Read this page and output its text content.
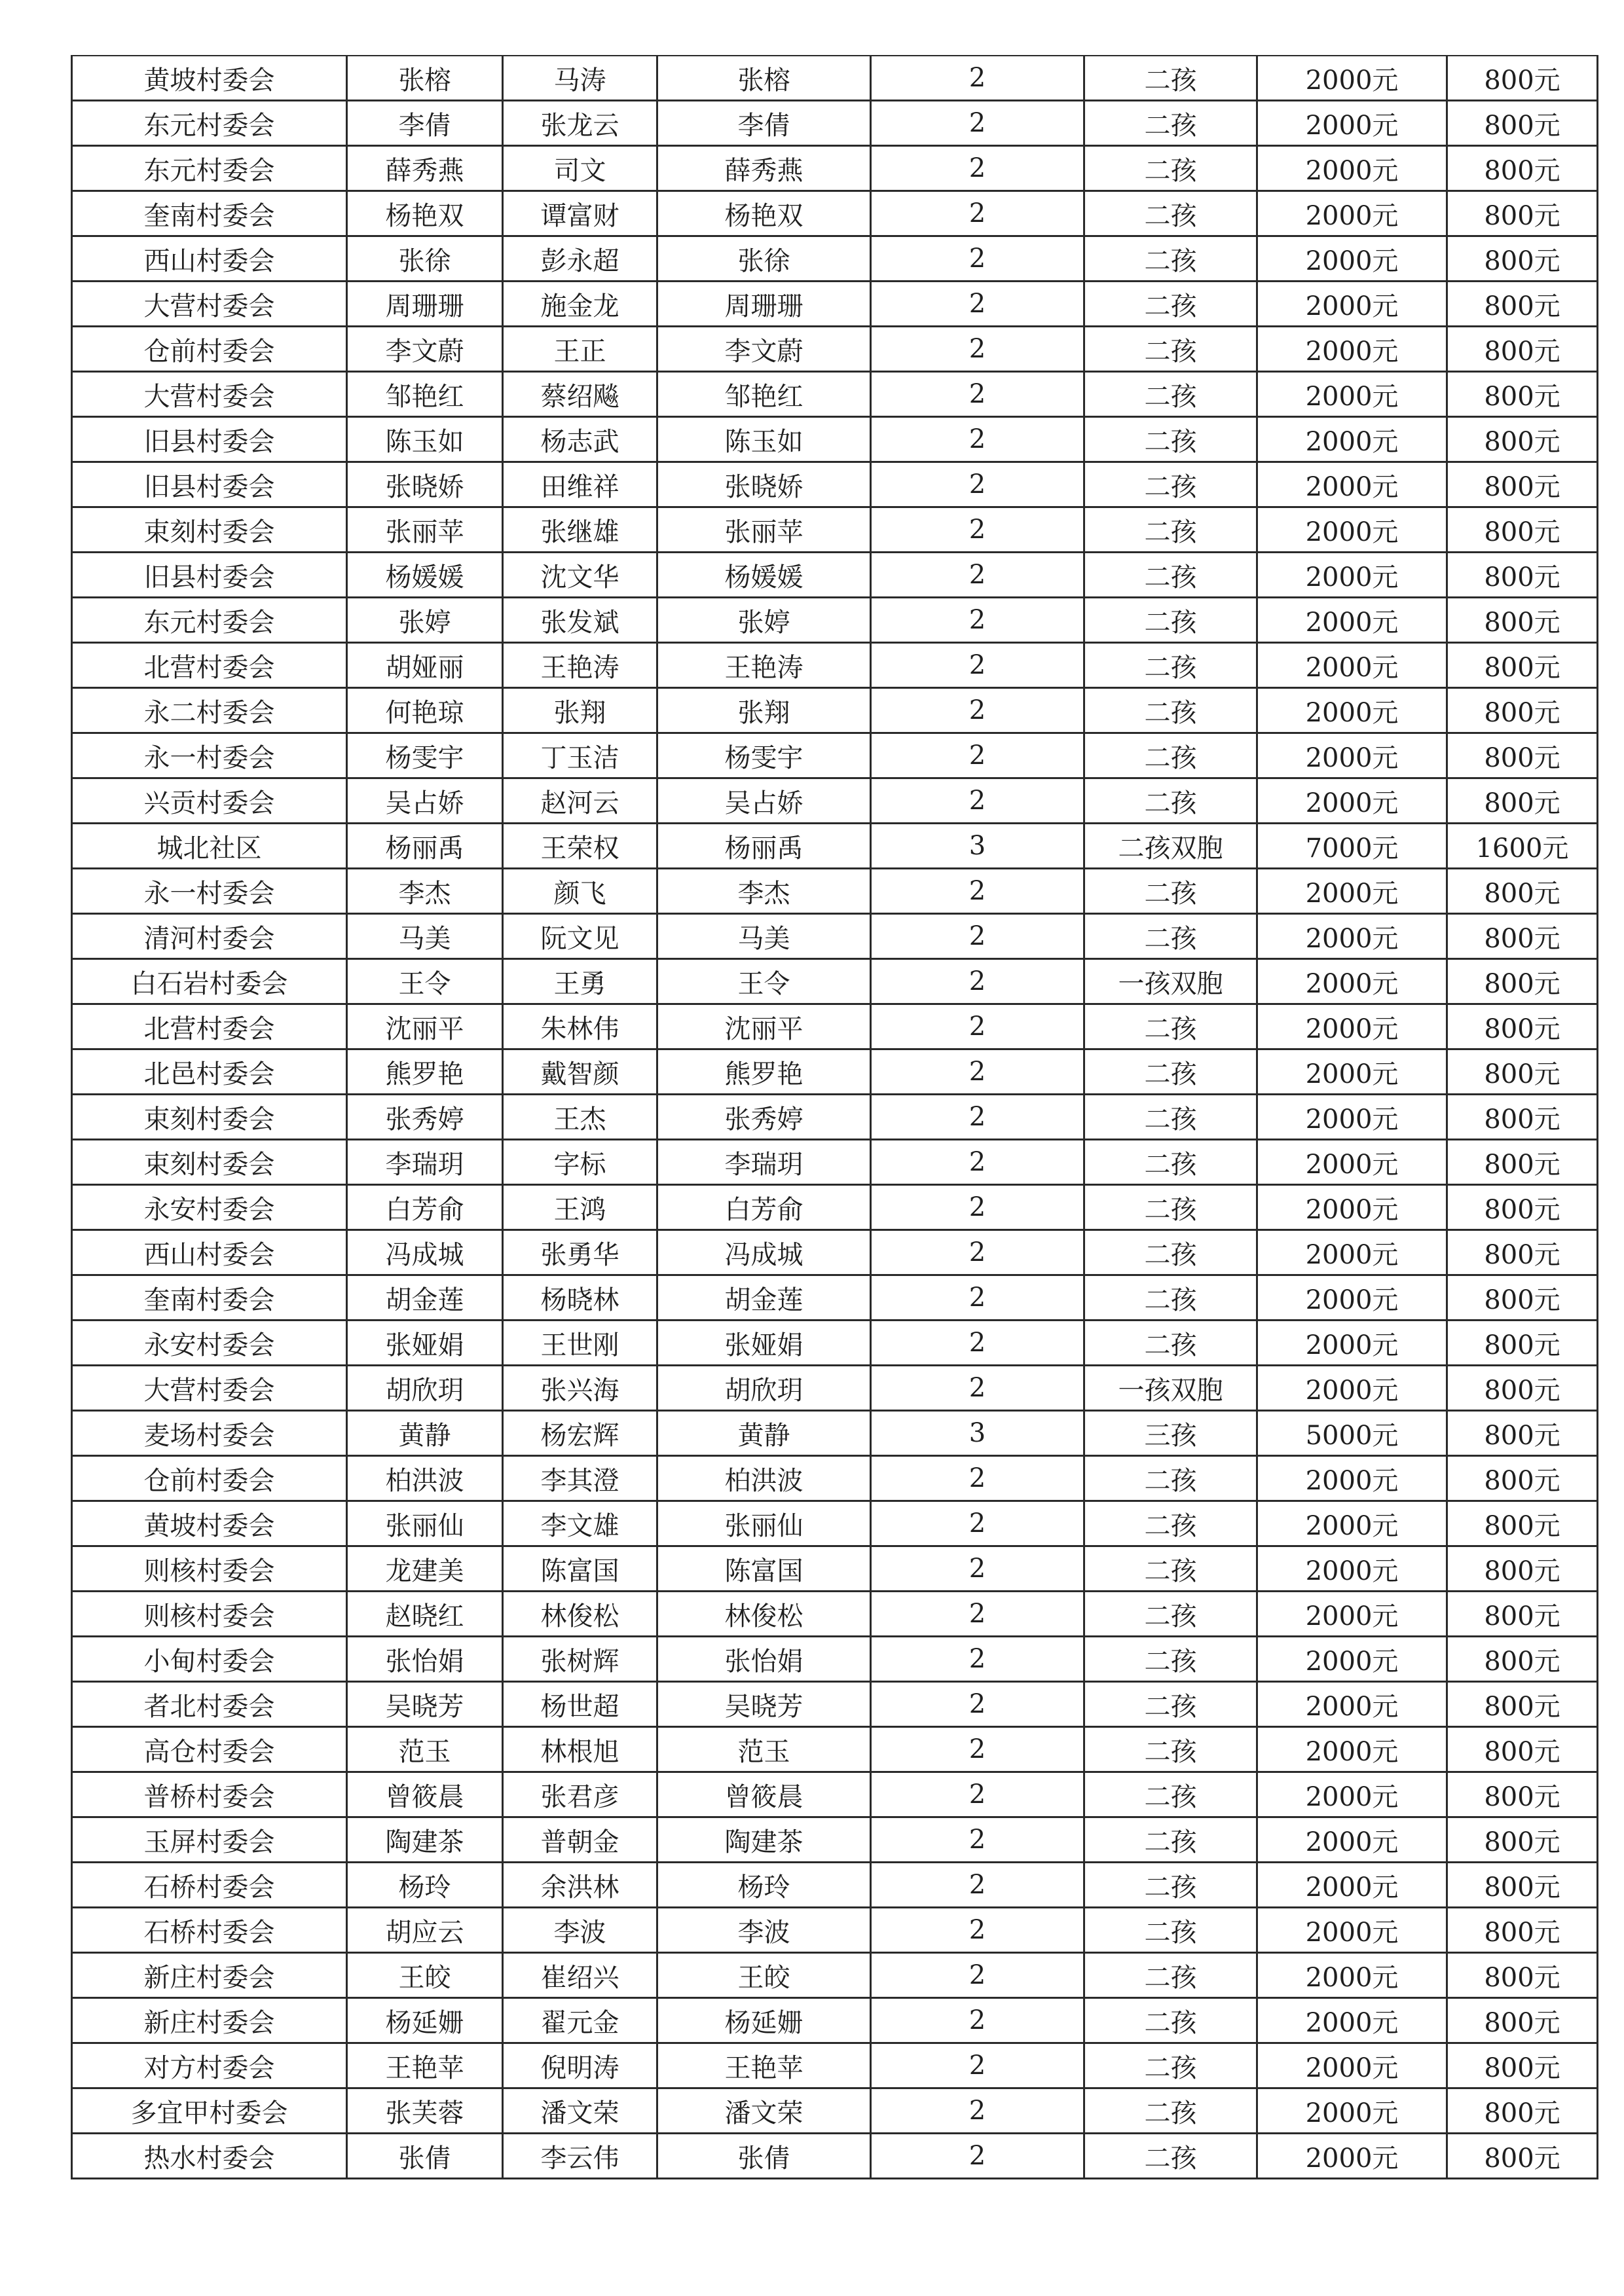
黄坡村委会	张榕	马涛	张榕	2	二孩	2000元	800元
东元村委会	李倩	张龙云	李倩	2	二孩	2000元	800元
东元村委会	薛秀燕	司文	薛秀燕	2	二孩	2000元	800元
奎南村委会	杨艳双	谭富财	杨艳双	2	二孩	2000元	800元
西山村委会	张徐	彭永超	张徐	2	二孩	2000元	800元
大营村委会	周珊珊	施金龙	周珊珊	2	二孩	2000元	800元
仓前村委会	李文蔚	王正	李文蔚	2	二孩	2000元	800元
大营村委会	邹艳红	蔡绍飚	邹艳红	2	二孩	2000元	800元
旧县村委会	陈玉如	杨志武	陈玉如	2	二孩	2000元	800元
旧县村委会	张晓娇	田维祥	张晓娇	2	二孩	2000元	800元
束刻村委会	张丽苹	张继雄	张丽苹	2	二孩	2000元	800元
旧县村委会	杨媛媛	沈文华	杨媛媛	2	二孩	2000元	800元
东元村委会	张婷	张发斌	张婷	2	二孩	2000元	800元
北营村委会	胡娅丽	王艳涛	王艳涛	2	二孩	2000元	800元
永二村委会	何艳琼	张翔	张翔	2	二孩	2000元	800元
永一村委会	杨雯宇	丁玉洁	杨雯宇	2	二孩	2000元	800元
兴贡村委会	吴占娇	赵河云	吴占娇	2	二孩	2000元	800元
城北社区	杨丽禹	王荣权	杨丽禹	3	二孩双胞	7000元	1600元
永一村委会	李杰	颜飞	李杰	2	二孩	2000元	800元
清河村委会	马美	阮文见	马美	2	二孩	2000元	800元
白石岩村委会	王令	王勇	王令	2	一孩双胞	2000元	800元
北营村委会	沈丽平	朱林伟	沈丽平	2	二孩	2000元	800元
北邑村委会	熊罗艳	戴智颜	熊罗艳	2	二孩	2000元	800元
束刻村委会	张秀婷	王杰	张秀婷	2	二孩	2000元	800元
束刻村委会	李瑞玥	字标	李瑞玥	2	二孩	2000元	800元
永安村委会	白芳俞	王鸿	白芳俞	2	二孩	2000元	800元
西山村委会	冯成城	张勇华	冯成城	2	二孩	2000元	800元
奎南村委会	胡金莲	杨晓林	胡金莲	2	二孩	2000元	800元
永安村委会	张娅娟	王世刚	张娅娟	2	二孩	2000元	800元
大营村委会	胡欣玥	张兴海	胡欣玥	2	一孩双胞	2000元	800元
麦场村委会	黄静	杨宏辉	黄静	3	三孩	5000元	800元
仓前村委会	柏洪波	李其澄	柏洪波	2	二孩	2000元	800元
黄坡村委会	张丽仙	李文雄	张丽仙	2	二孩	2000元	800元
则核村委会	龙建美	陈富国	陈富国	2	二孩	2000元	800元
则核村委会	赵晓红	林俊松	林俊松	2	二孩	2000元	800元
小甸村委会	张怡娟	张树辉	张怡娟	2	二孩	2000元	800元
者北村委会	吴晓芳	杨世超	吴晓芳	2	二孩	2000元	800元
高仓村委会	范玉	林根旭	范玉	2	二孩	2000元	800元
普桥村委会	曾筱晨	张君彦	曾筱晨	2	二孩	2000元	800元
玉屏村委会	陶建茶	普朝金	陶建茶	2	二孩	2000元	800元
石桥村委会	杨玲	余洪林	杨玲	2	二孩	2000元	800元
石桥村委会	胡应云	李波	李波	2	二孩	2000元	800元
新庄村委会	王皎	崔绍兴	王皎	2	二孩	2000元	800元
新庄村委会	杨延姗	翟元金	杨延姗	2	二孩	2000元	800元
对方村委会	王艳苹	倪明涛	王艳苹	2	二孩	2000元	800元
多宜甲村委会	张芙蓉	潘文荣	潘文荣	2	二孩	2000元	800元
热水村委会	张倩	李云伟	张倩	2	二孩	2000元	800元
